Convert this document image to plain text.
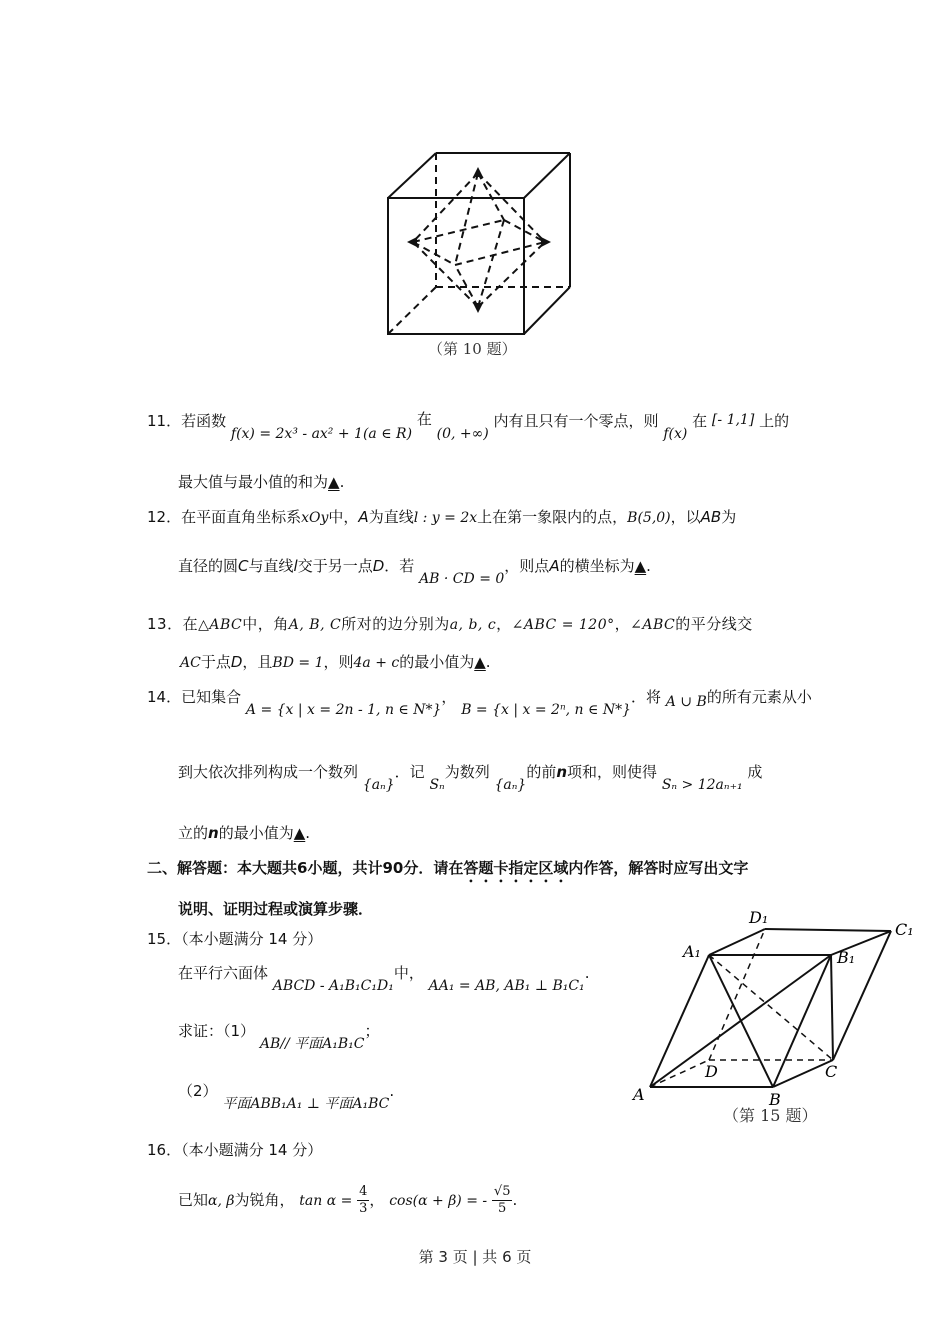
（第 10 题）
11．若函数 f(x) = 2x³ - ax² + 1(a ∈ R) 在 (0, +∞) 内有且只有一个零点，则 f(x) 在 [- 1,1] 上的
最大值与最小值的和为▲.
12．在平面直角坐标系xOy中，A为直线l : y = 2x上在第一象限内的点，B(5,0)，以AB为
直径的圆C与直线l交于另一点D．若 AB · CD = 0，则点A的横坐标为▲.
13．在△ABC中，角A, B, C所对的边分别为a, b, c，∠ABC = 120°，∠ABC的平分线交
AC于点D，且BD = 1，则4a + c的最小值为▲.
14．已知集合 A = {x | x = 2n - 1, n ∈ N*}， B = {x | x = 2ⁿ, n ∈ N*}．将 A ∪ B的所有元素从小
到大依次排列构成一个数列 {aₙ}．记 Sₙ为数列 {aₙ}的前n项和，则使得 Sₙ > 12aₙ₊₁ 成
立的n的最小值为▲.
二、解答题：本大题共6小题，共计90分．请在答题卡指定区域内作答，解答时应写出文字
说明、证明过程或演算步骤．
15．（本小题满分 14 分）
在平行六面体 ABCD - A₁B₁C₁D₁中， AA₁ = AB, AB₁ ⊥ B₁C₁.
求证：（1） AB// 平面A₁B₁C；
（2） 平面ABB₁A₁ ⊥ 平面A₁BC.
D₁
C₁
A₁	B₁
D	C
A	B
（第 15 题）
16．（本小题满分 14 分）
已知α, β为锐角， $\tan \alpha = \frac{4}{3}$ ， cos(α + β) = - $\frac{√5}{5}$ .
第 3 页 | 共 6 页
